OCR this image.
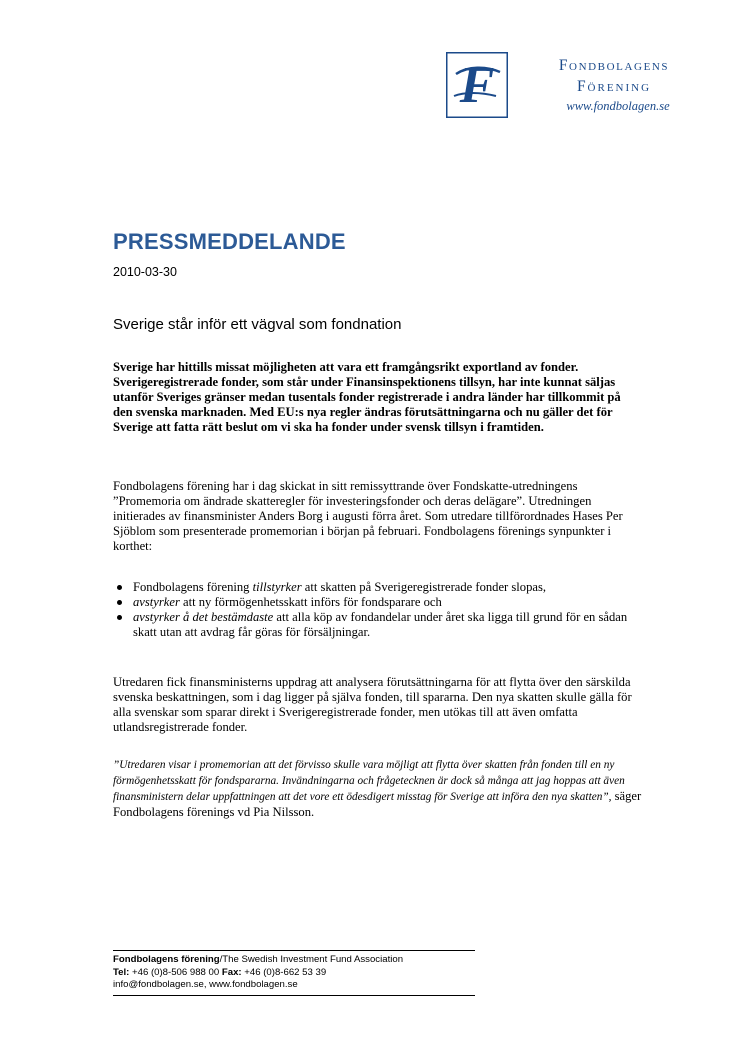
F	Fondbolagens
Förening
www.fondbolagen.se
PRESSMEDDELANDE
2010-03-30
Sverige står inför ett vägval som fondnation

Sverige har hittills missat möjligheten att vara ett framgångsrikt exportland av fonder. Sverigeregistrerade fonder, som står under Finansinspektionens tillsyn, har inte kunnat säljas utanför Sveriges gränser medan tusentals fonder registrerade i andra länder har tillkommit på den svenska marknaden. Med EU:s nya regler ändras förutsättningarna och nu gäller det för Sverige att fatta rätt beslut om vi ska ha fonder under svensk tillsyn i framtiden.

Fondbolagens förening har i dag skickat in sitt remissyttrande över Fondskatte-utredningens ”Promemoria om ändrade skatteregler för investeringsfonder och deras delägare”. Utredningen initierades av finansminister Anders Borg i augusti förra året. Som utredare tillförordnades Hases Per Sjöblom som presenterade promemorian i början på februari. Fondbolagens förenings synpunkter i korthet:

Fondbolagens förening tillstyrker att skatten på Sverigeregistrerade fonder slopas,
avstyrker att ny förmögenhetsskatt införs för fondsparare och
avstyrker å det bestämdaste att alla köp av fondandelar under året ska ligga till grund för en sådan skatt utan att avdrag får göras för försäljningar.

Utredaren fick finansministerns uppdrag att analysera förutsättningarna för att flytta över den särskilda svenska beskattningen, som i dag ligger på själva fonden, till spararna. Den nya skatten skulle gälla för alla svenskar som sparar direkt i Sverigeregistrerade fonder, men utökas till att även omfatta utlandsregistrerade fonder.

”Utredaren visar i promemorian att det förvisso skulle vara möjligt att flytta över skatten från fonden till en ny förmögenhetsskatt för fondspararna. Invändningarna och frågetecknen är dock så många att jag hoppas att även finansministern delar uppfattningen att det vore ett ödesdigert misstag för Sverige att införa den nya skatten”, säger Fondbolagens förenings vd Pia Nilsson.

Fondbolagens förening/The Swedish Investment Fund Association
Tel: +46 (0)8-506 988 00 Fax: +46 (0)8-662 53 39
info@fondbolagen.se, www.fondbolagen.se
